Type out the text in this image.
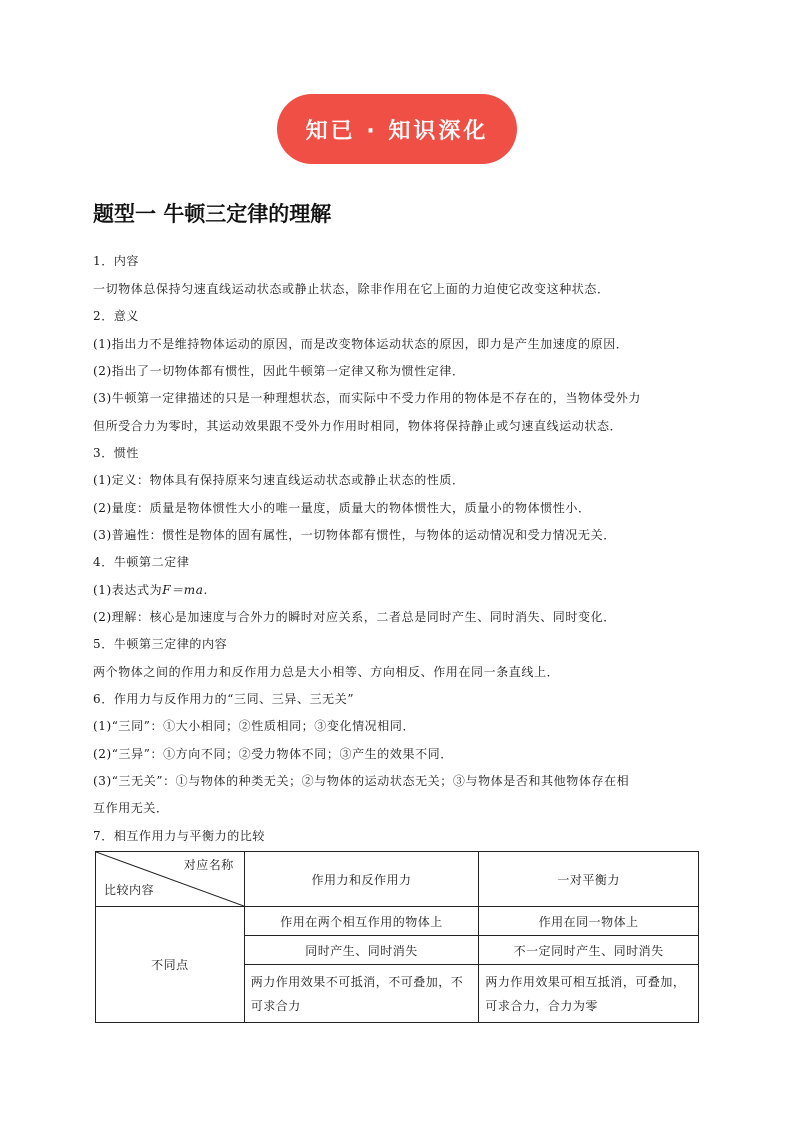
知已 · 知识深化
题型一 牛顿三定律的理解
1．内容
一切物体总保持匀速直线运动状态或静止状态，除非作用在它上面的力迫使它改变这种状态．
2．意义
(1)指出力不是维持物体运动的原因，而是改变物体运动状态的原因，即力是产生加速度的原因．
(2)指出了一切物体都有惯性，因此牛顿第一定律又称为惯性定律．
(3)牛顿第一定律描述的只是一种理想状态，而实际中不受力作用的物体是不存在的，当物体受外力
但所受合力为零时，其运动效果跟不受外力作用时相同，物体将保持静止或匀速直线运动状态．
3．惯性
(1)定义：物体具有保持原来匀速直线运动状态或静止状态的性质．
(2)量度：质量是物体惯性大小的唯一量度，质量大的物体惯性大，质量小的物体惯性小．
(3)普遍性：惯性是物体的固有属性，一切物体都有惯性，与物体的运动情况和受力情况无关．
4．牛顿第二定律
(1)表达式为F＝ma.
(2)理解：核心是加速度与合外力的瞬时对应关系，二者总是同时产生、同时消失、同时变化．
5．牛顿第三定律的内容
两个物体之间的作用力和反作用力总是大小相等、方向相反、作用在同一条直线上．
6．作用力与反作用力的“三同、三异、三无关”
(1)“三同”：①大小相同；②性质相同；③变化情况相同．
(2)“三异”：①方向不同；②受力物体不同；③产生的效果不同．
(3)“三无关”：①与物体的种类无关；②与物体的运动状态无关；③与物体是否和其他物体存在相
互作用无关．
7．相互作用力与平衡力的比较
对应名称
比较内容	作用力和反作用力	一对平衡力
不同点	作用在两个相互作用的物体上	作用在同一物体上
	同时产生、同时消失	不一定同时产生、同时消失
	两力作用效果不可抵消，不可叠加，不可求合力	两力作用效果可相互抵消，可叠加，可求合力，合力为零
